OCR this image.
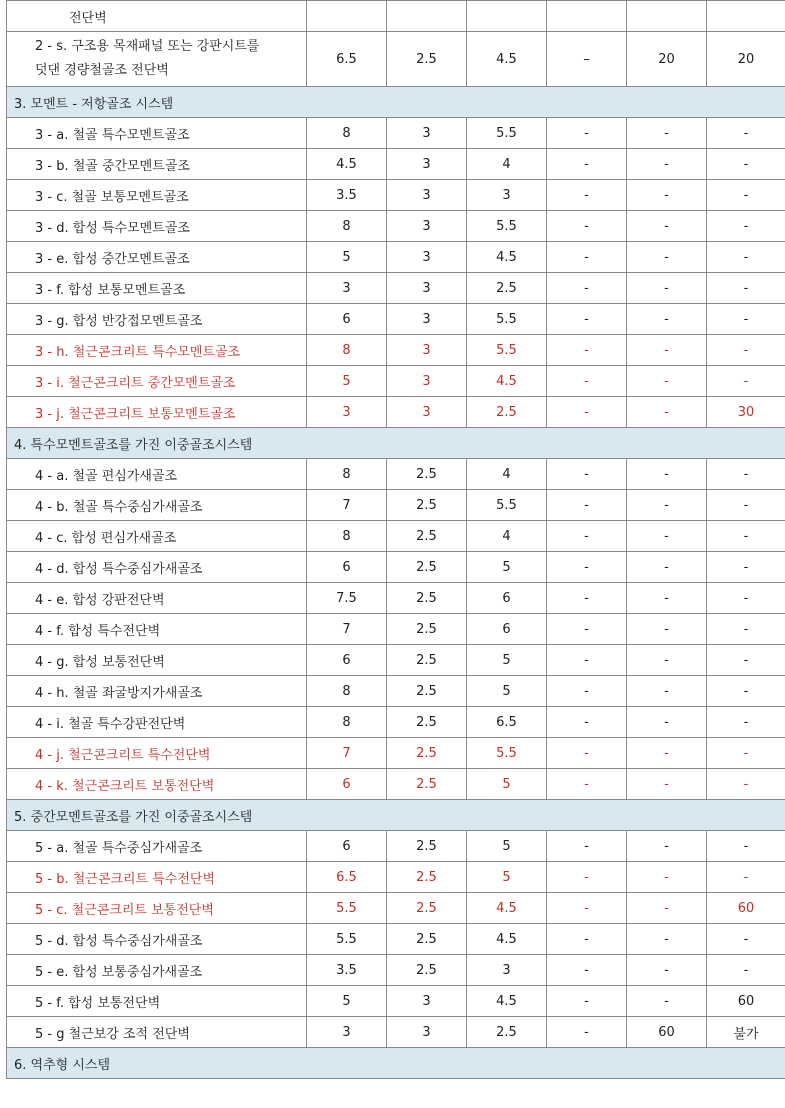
전단벽						

2 - s. 구조용 목재패널 또는 강판시트를
덧댄 경량철골조 전단벽	6.5	2.5	4.5	–	20	20
3. 모멘트 - 저항골조 시스템						
3 - a. 철골 특수모멘트골조	8	3	5.5	-	-	-
3 - b. 철골 중간모멘트골조	4.5	3	4	-	-	-
3 - c. 철골 보통모멘트골조	3.5	3	3	-	-	-
3 - d. 합성 특수모멘트골조	8	3	5.5	-	-	-
3 - e. 합성 중간모멘트골조	5	3	4.5	-	-	-
3 - f. 합성 보통모멘트골조	3	3	2.5	-	-	-
3 - g. 합성 반강접모멘트골조	6	3	5.5	-	-	-
3 - h. 철근콘크리트 특수모멘트골조	8	3	5.5	-	-	-
3 - i. 철근콘크리트 중간모멘트골조	5	3	4.5	-	-	-
3 - j. 철근콘크리트 보통모멘트골조	3	3	2.5	-	-	30
4. 특수모멘트골조를 가진 이중골조시스템						
4 - a. 철골 편심가새골조	8	2.5	4	-	-	-
4 - b. 철골 특수중심가새골조	7	2.5	5.5	-	-	-
4 - c. 합성 편심가새골조	8	2.5	4	-	-	-
4 - d. 합성 특수중심가새골조	6	2.5	5	-	-	-
4 - e. 합성 강판전단벽	7.5	2.5	6	-	-	-
4 - f. 합성 특수전단벽	7	2.5	6	-	-	-
4 - g. 합성 보통전단벽	6	2.5	5	-	-	-
4 - h. 철골 좌굴방지가새골조	8	2.5	5	-	-	-
4 - i. 철골 특수강판전단벽	8	2.5	6.5	-	-	-
4 - j. 철근콘크리트 특수전단벽	7	2.5	5.5	-	-	-
4 - k. 철근콘크리트 보통전단벽	6	2.5	5	-	-	-
5. 중간모멘트골조를 가진 이중골조시스템						
5 - a. 철골 특수중심가새골조	6	2.5	5	-	-	-
5 - b. 철근콘크리트 특수전단벽	6.5	2.5	5	-	-	-
5 - c. 철근콘크리트 보통전단벽	5.5	2.5	4.5	-	-	60
5 - d. 합성 특수중심가새골조	5.5	2.5	4.5	-	-	-
5 - e. 합성 보통중심가새골조	3.5	2.5	3	-	-	-
5 - f. 합성 보통전단벽	5	3	4.5	-	-	60
5 - g 철근보강 조적 전단벽	3	3	2.5	-	60	불가
6. 역추형 시스템						
